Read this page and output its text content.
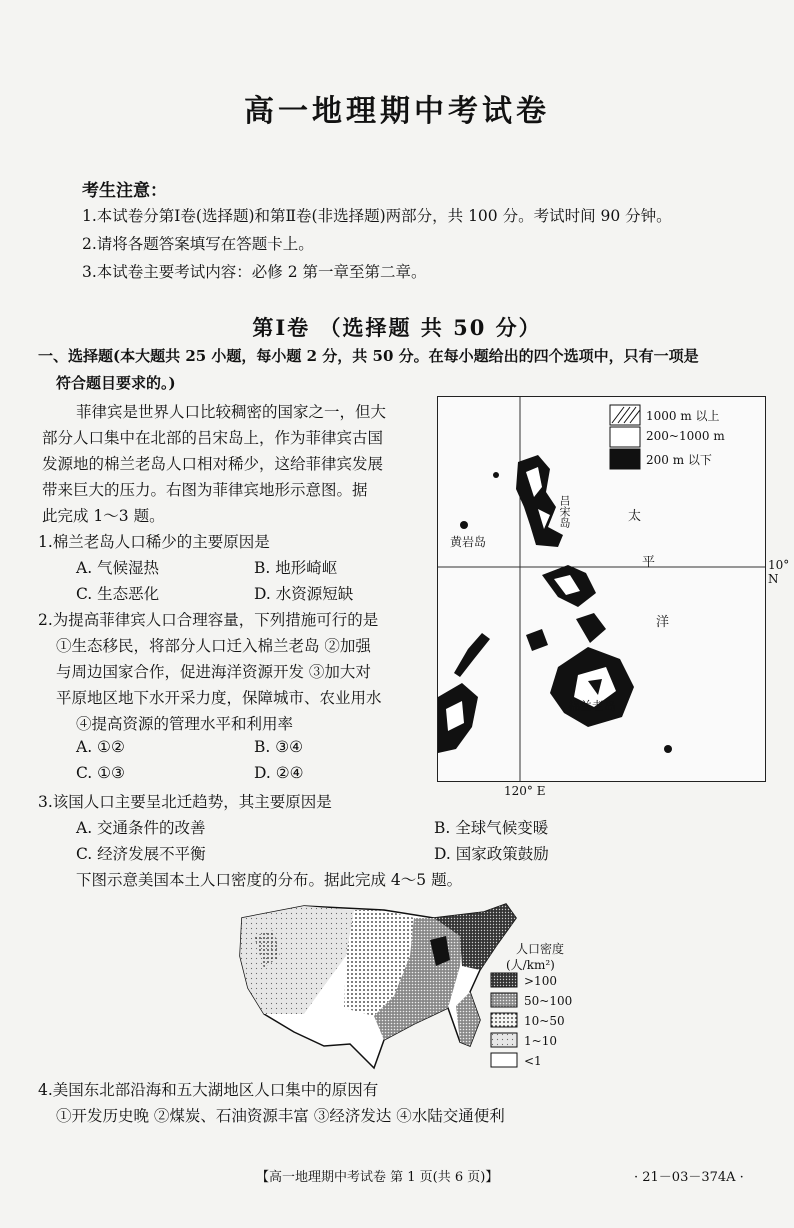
高一地理期中考试卷
考生注意：
1.本试卷分第Ⅰ卷(选择题)和第Ⅱ卷(非选择题)两部分，共 100 分。考试时间 90 分钟。
2.请将各题答案填写在答题卡上。
3.本试卷主要考试内容：必修 2 第一章至第二章。
第Ⅰ卷 （选择题 共 50 分）
一、选择题(本大题共 25 小题，每小题 2 分，共 50 分。在每小题给出的四个选项中，只有一项是
符合题目要求的。)
菲律宾是世界人口比较稠密的国家之一，但大
部分人口集中在北部的吕宋岛上，作为菲律宾古国
发源地的棉兰老岛人口相对稀少，这给菲律宾发展
带来巨大的压力。右图为菲律宾地形示意图。据
此完成 1～3 题。
1.棉兰老岛人口稀少的主要原因是
A. 气候湿热	B. 地形崎岖
C. 生态恶化	D. 水资源短缺
2.为提高菲律宾人口合理容量，下列措施可行的是
①生态移民，将部分人口迁入棉兰老岛 ②加强
与周边国家合作，促进海洋资源开发 ③加大对
平原地区地下水开采力度，保障城市、农业用水
④提高资源的管理水平和利用率
A. ①②	B. ③④
C. ①③	D. ②④
1000 m 以上
200~1000 m
200 m 以下
吕宋岛
黄岩岛
太
平
洋
棉兰老岛
10° N
120° E
3.该国人口主要呈北迁趋势，其主要原因是
A. 交通条件的改善	B. 全球气候变暖
C. 经济发展不平衡	D. 国家政策鼓励
下图示意美国本土人口密度的分布。据此完成 4～5 题。
人口密度
(人/km²)
>100
50~100
10~50
1~10
<1
4.美国东北部沿海和五大湖地区人口集中的原因有
①开发历史晚 ②煤炭、石油资源丰富 ③经济发达 ④水陆交通便利
【高一地理期中考试卷 第 1 页(共 6 页)】	· 21－03－374A ·
